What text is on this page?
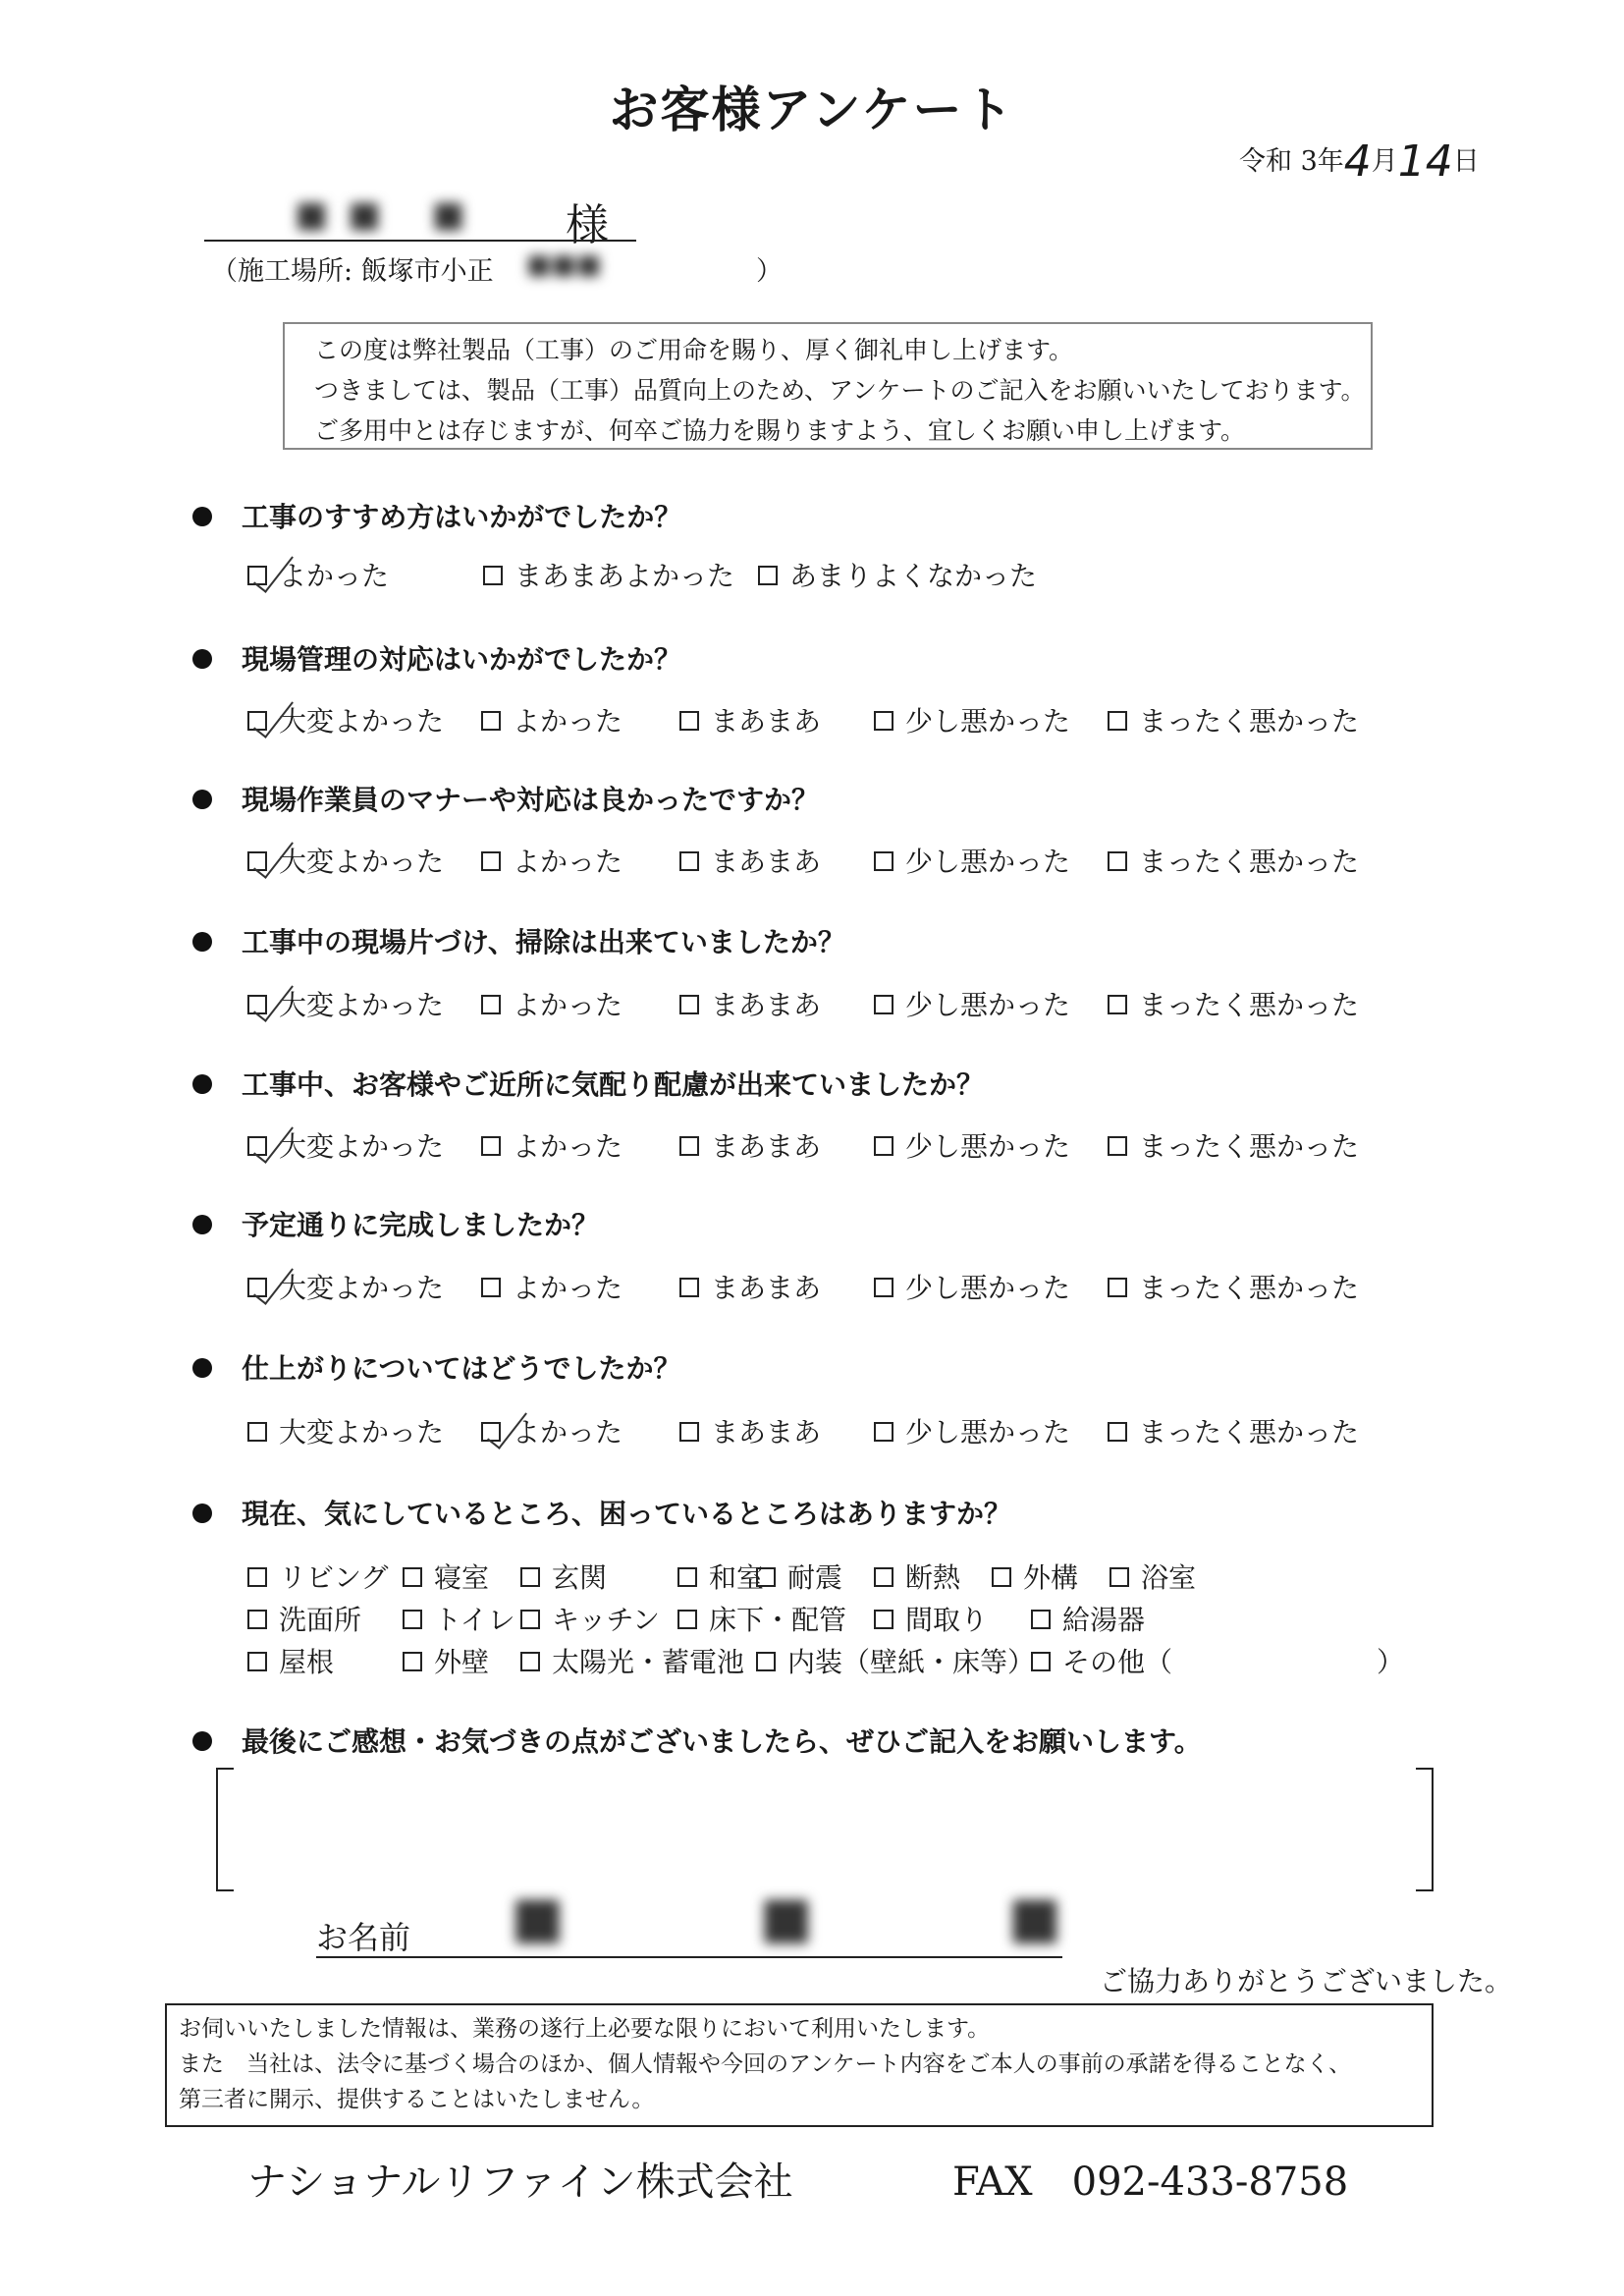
お客様アンケート
令和 3年4月14日
■■ ■ 様
（施工場所: 飯塚市小正 ■■■	）
この度は弊社製品（工事）のご用命を賜り、厚く御礼申し上げます。
つきましては、製品（工事）品質向上のため、アンケートのご記入をお願いいたしております。
ご多用中とは存じますが、何卒ご協力を賜りますよう、宜しくお願い申し上げます。
工事のすすめ方はいかがでしたか？
よかった	まあまあよかった	あまりよくなかった
現場管理の対応はいかがでしたか？
大変よかった	よかった	まあまあ	少し悪かった	まったく悪かった
現場作業員のマナーや対応は良かったですか？
大変よかった	よかった	まあまあ	少し悪かった	まったく悪かった
工事中の現場片づけ、掃除は出来ていましたか？
大変よかった	よかった	まあまあ	少し悪かった	まったく悪かった
工事中、お客様やご近所に気配り配慮が出来ていましたか？
大変よかった	よかった	まあまあ	少し悪かった	まったく悪かった
予定通りに完成しましたか？
大変よかった	よかった	まあまあ	少し悪かった	まったく悪かった
仕上がりについてはどうでしたか？
大変よかった	よかった	まあまあ	少し悪かった	まったく悪かった
現在、気にしているところ、困っているところはありますか？
リビング	寝室	玄関	和室 耐震	断熱	外構	浴室
洗面所	トイレ	キッチン	床下・配管	間取り	給湯器
屋根	外壁	太陽光・蓄電池	内装（壁紙・床等） その他（	）
最後にご感想・お気づきの点がございましたら、ぜひご記入をお願いします。
お名前 ■ ■ ■
ご協力ありがとうございました。
お伺いいたしました情報は、業務の遂行上必要な限りにおいて利用いたします。
また　当社は、法令に基づく場合のほか、個人情報や今回のアンケート内容をご本人の事前の承諾を得ることなく、
第三者に開示、提供することはいたしません。
ナショナルリファイン株式会社	FAX　092-433-8758
